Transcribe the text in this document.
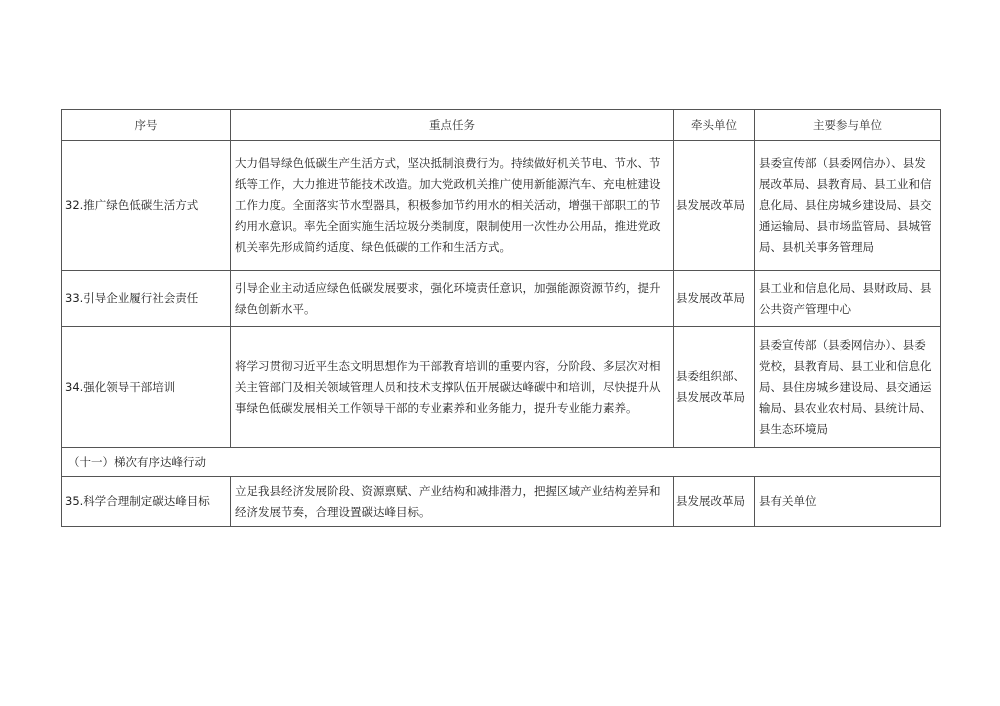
序号	重点任务	牵头单位	主要参与单位
32.推广绿色低碳生活方式	大力倡导绿色低碳生产生活方式，坚决抵制浪费行为。持续做好机关节电、节水、节纸等工作，大力推进节能技术改造。加大党政机关推广使用新能源汽车、充电桩建设工作力度。全面落实节水型器具，积极参加节约用水的相关活动，增强干部职工的节约用水意识。率先全面实施生活垃圾分类制度，限制使用一次性办公用品，推进党政机关率先形成简约适度、绿色低碳的工作和生活方式。	县发展改革局	县委宣传部（县委网信办）、县发展改革局、县教育局、县工业和信息化局、县住房城乡建设局、县交通运输局、县市场监管局、县城管局、县机关事务管理局
33.引导企业履行社会责任	引导企业主动适应绿色低碳发展要求，强化环境责任意识，加强能源资源节约，提升绿色创新水平。	县发展改革局	县工业和信息化局、县财政局、县公共资产管理中心
34.强化领导干部培训	将学习贯彻习近平生态文明思想作为干部教育培训的重要内容，分阶段、多层次对相关主管部门及相关领域管理人员和技术支撑队伍开展碳达峰碳中和培训，尽快提升从事绿色低碳发展相关工作领导干部的专业素养和业务能力，提升专业能力素养。	县委组织部、县发展改革局	县委宣传部（县委网信办）、县委党校，县教育局、县工业和信息化局、县住房城乡建设局、县交通运输局、县农业农村局、县统计局、县生态环境局
（十一）梯次有序达峰行动			
35.科学合理制定碳达峰目标	立足我县经济发展阶段、资源禀赋、产业结构和减排潜力，把握区域产业结构差异和经济发展节奏，合理设置碳达峰目标。	县发展改革局	县有关单位
